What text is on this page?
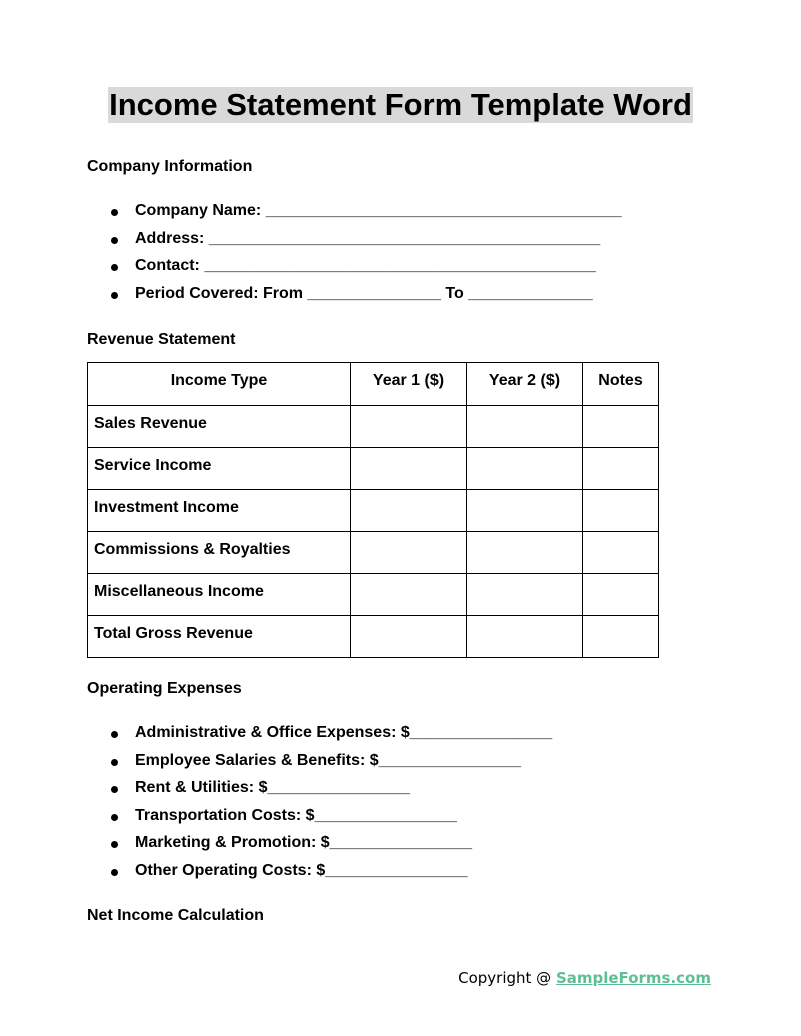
Income Statement Form Template Word
Company Information
Company Name: ________________________________________
Address: ____________________________________________
Contact: ____________________________________________
Period Covered: From _______________ To ______________
Revenue Statement
Income Type	Year 1 ($)	Year 2 ($)	Notes

Sales Revenue			

Service Income			

Investment Income			

Commissions & Royalties			

Miscellaneous Income			

Total Gross Revenue			

Operating Expenses
Administrative & Office Expenses: $________________
Employee Salaries & Benefits: $________________
Rent & Utilities: $________________
Transportation Costs: $________________
Marketing & Promotion: $________________
Other Operating Costs: $________________
Net Income Calculation
Copyright @ SampleForms.com
